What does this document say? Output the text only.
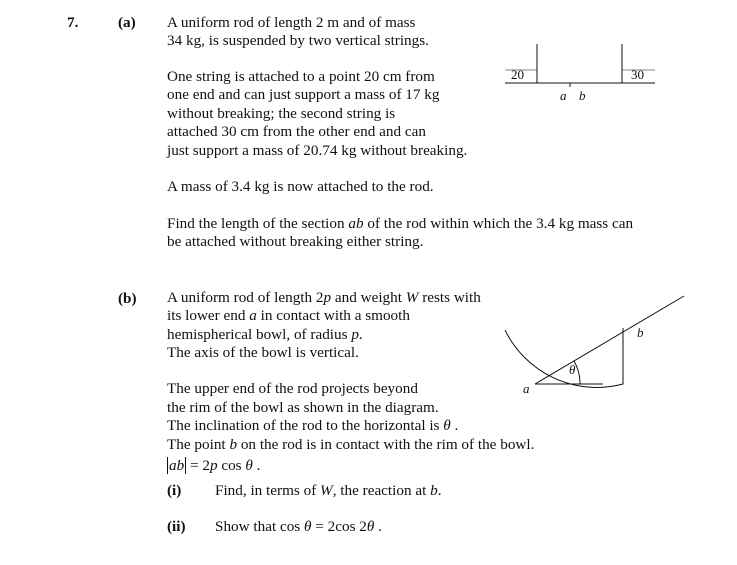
7.	(a) A uniform rod of length 2 m and of mass
34 kg, is suspended by two vertical strings.
One string is attached to a point 20 cm from
one end and can just support a mass of 17 kg
without breaking; the second string is
attached 30 cm from the other end and can
just support a mass of 20.74 kg without breaking.
A mass of 3.4 kg is now attached to the rod.
Find the length of the section ab of the rod within which the 3.4 kg mass can
be attached without breaking either string.
20	30
a b
(b) A uniform rod of length 2p and weight W rests with
its lower end a in contact with a smooth
hemispherical bowl, of radius p.
The axis of the bowl is vertical.
The upper end of the rod projects beyond
the rim of the bowl as shown in the diagram.
The inclination of the rod to the horizontal is θ .
The point b on the rod is in contact with the rim of the bowl.
ab = 2p cos θ .
(i) Find, in terms of W, the reaction at b.
(ii) Show that cos θ = 2cos 2θ .
a
b
θ
